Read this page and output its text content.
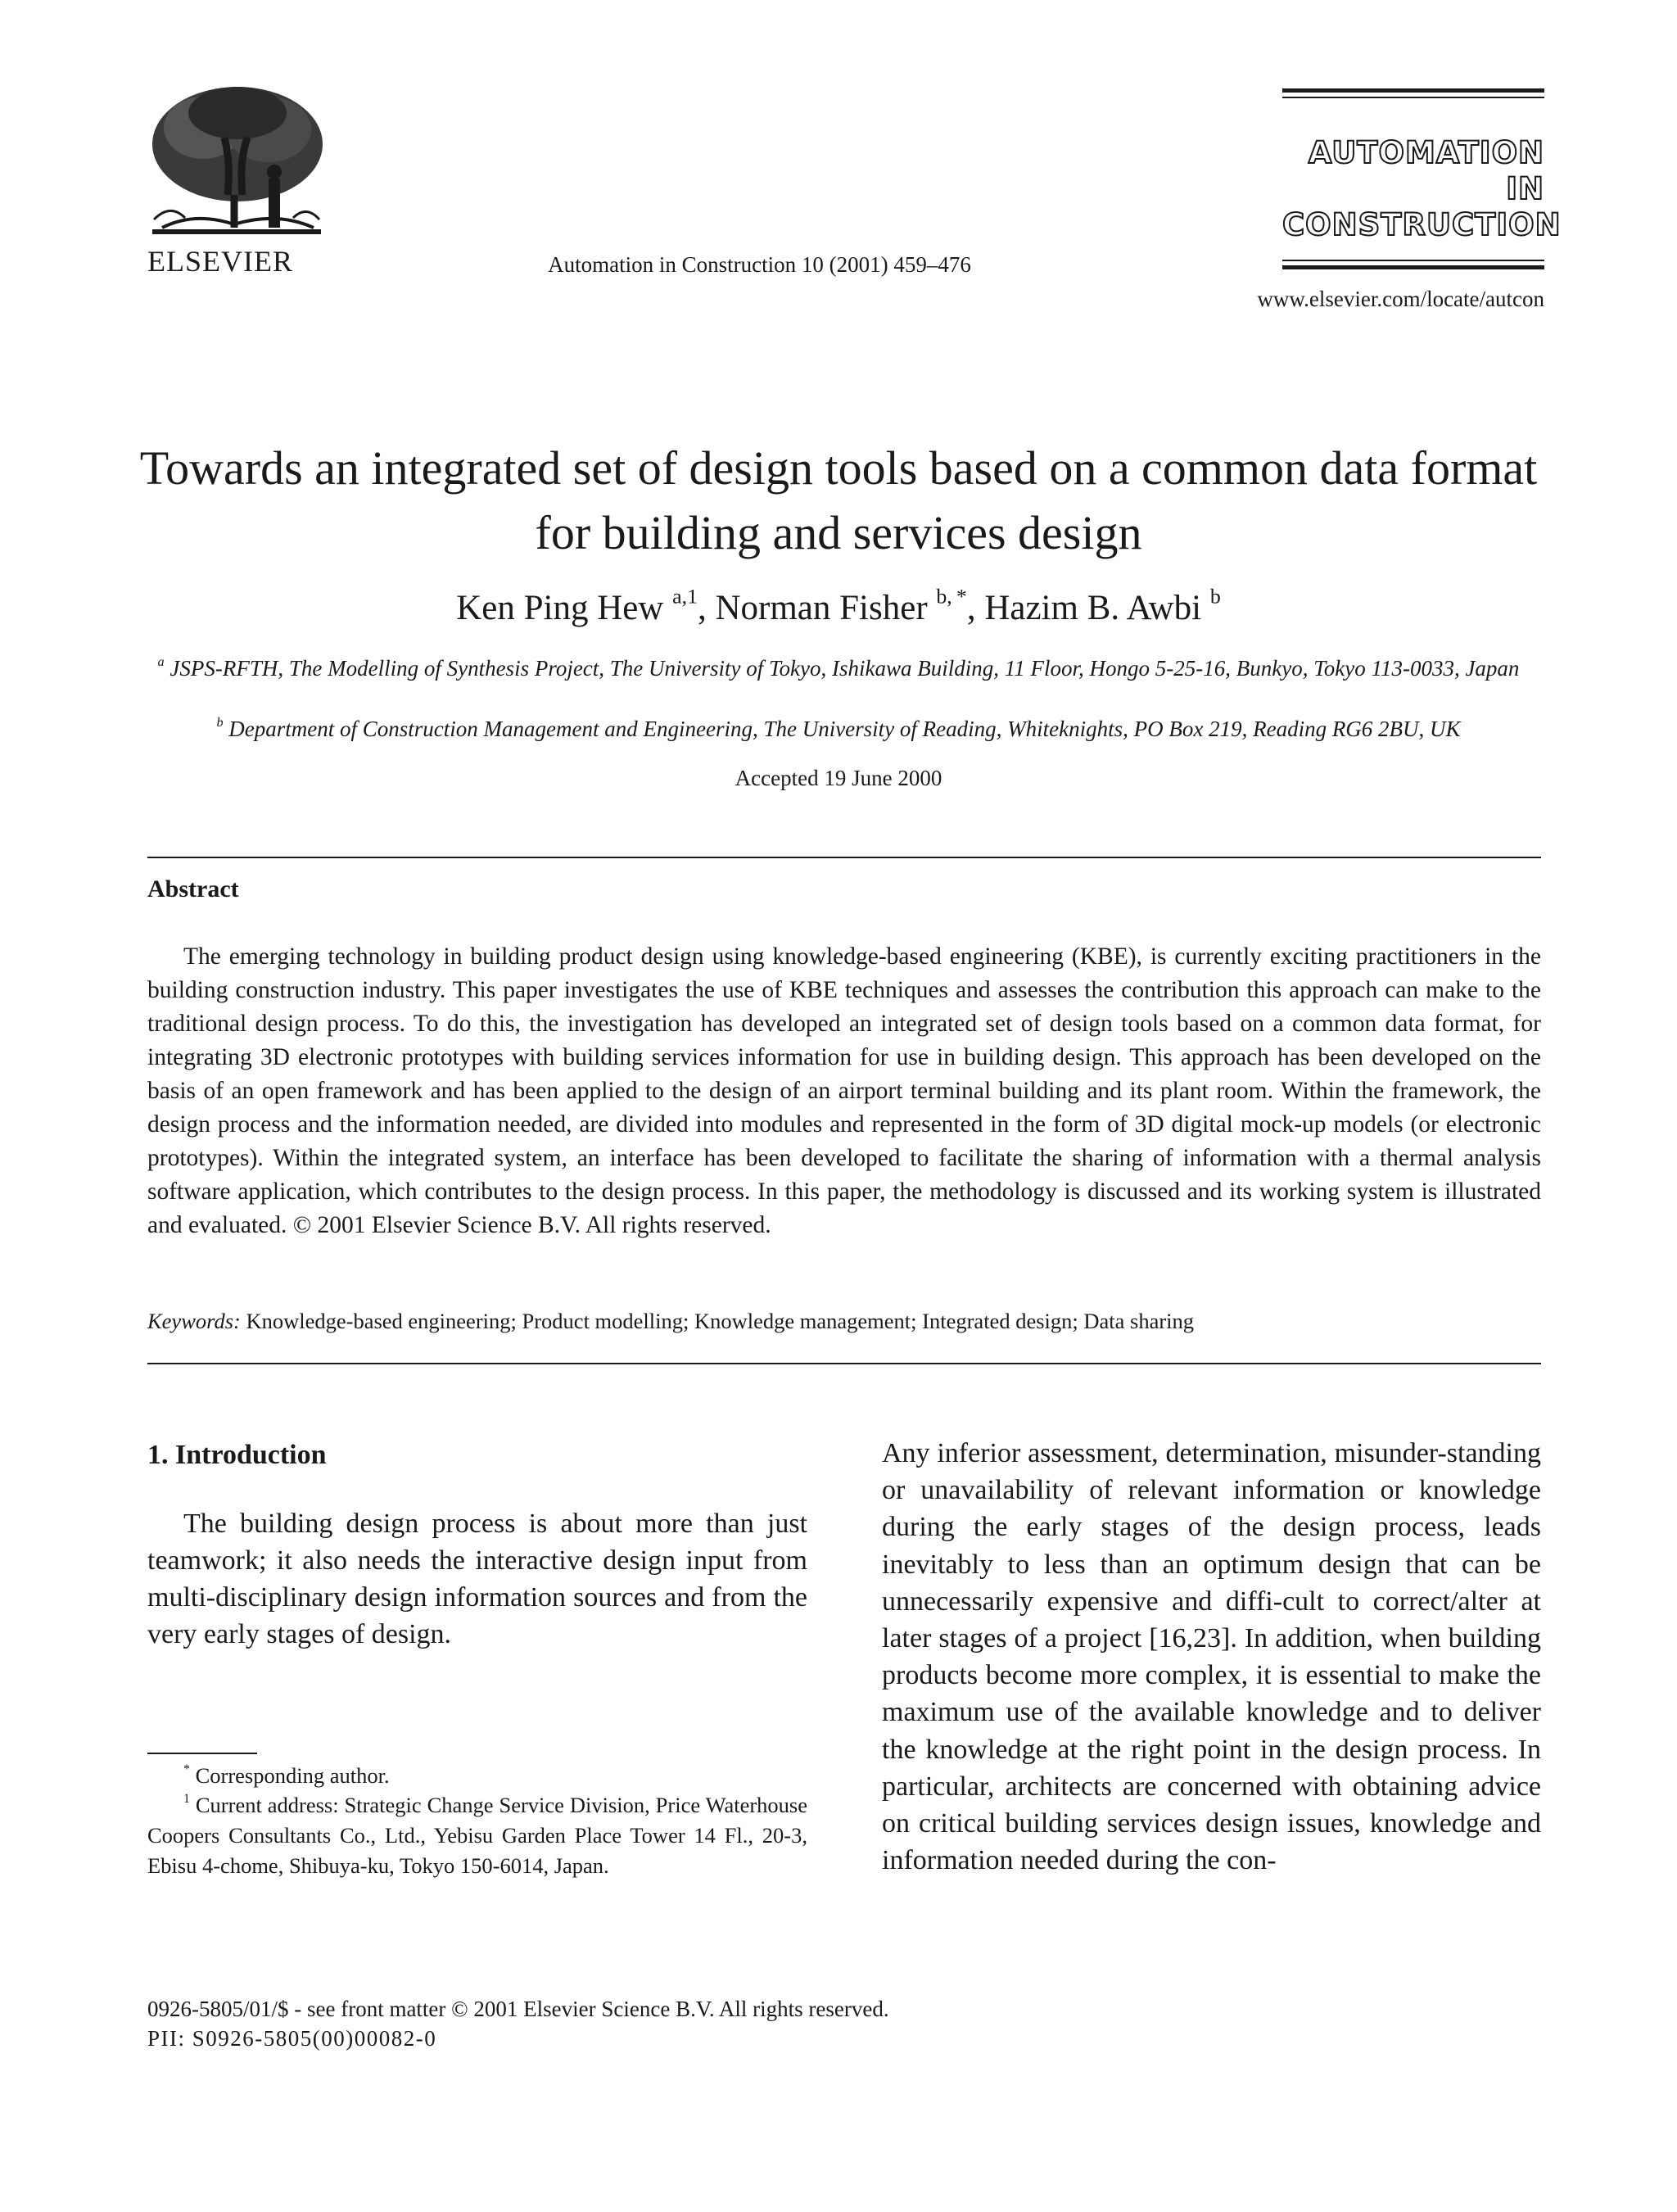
ELSEVIER	Automation in Construction 10 (2001) 459–476
AUTOMATION IN
CONSTRUCTION
www.elsevier.com/locate/autcon
Towards an integrated set of design tools based on a common data format for building and services design
Ken Ping Hew $^{a,1}$, Norman Fisher $^{b, *}$, Hazim B. Awbi $^b$
$^a$ JSPS-RFTH, The Modelling of Synthesis Project, The University of Tokyo, Ishikawa Building, 11 Floor, Hongo 5-25-16, Bunkyo, Tokyo 113-0033, Japan
$^b$ Department of Construction Management and Engineering, The University of Reading, Whiteknights, PO Box 219, Reading RG6 2BU, UK
Accepted 19 June 2000
Abstract
The emerging technology in building product design using knowledge-based engineering (KBE), is currently exciting practitioners in the building construction industry. This paper investigates the use of KBE techniques and assesses the contribution this approach can make to the traditional design process. To do this, the investigation has developed an integrated set of design tools based on a common data format, for integrating 3D electronic prototypes with building services information for use in building design. This approach has been developed on the basis of an open framework and has been applied to the design of an airport terminal building and its plant room. Within the framework, the design process and the information needed, are divided into modules and represented in the form of 3D digital mock-up models (or electronic prototypes). Within the integrated system, an interface has been developed to facilitate the sharing of information with a thermal analysis software application, which contributes to the design process. In this paper, the methodology is discussed and its working system is illustrated and evaluated. © 2001 Elsevier Science B.V. All rights reserved.
Keywords: Knowledge-based engineering; Product modelling; Knowledge management; Integrated design; Data sharing
1. Introduction
The building design process is about more than just teamwork; it also needs the interactive design input from multi-disciplinary design information sources and from the very early stages of design.
Any inferior assessment, determination, misunder-standing or unavailability of relevant information or knowledge during the early stages of the design process, leads inevitably to less than an optimum design that can be unnecessarily expensive and diffi-cult to correct/alter at later stages of a project [16,23]. In addition, when building products become more complex, it is essential to make the maximum use of the available knowledge and to deliver the knowledge at the right point in the design process. In particular, architects are concerned with obtaining advice on critical building services design issues, knowledge and information needed during the con-
* Corresponding author.
$^1$ Current address: Strategic Change Service Division, Price Waterhouse Coopers Consultants Co., Ltd., Yebisu Garden Place Tower 14 Fl., 20-3, Ebisu 4-chome, Shibuya-ku, Tokyo 150-6014, Japan.
0926-5805/01/$ - see front matter © 2001 Elsevier Science B.V. All rights reserved.
PII: S0926-5805(00)00082-0
